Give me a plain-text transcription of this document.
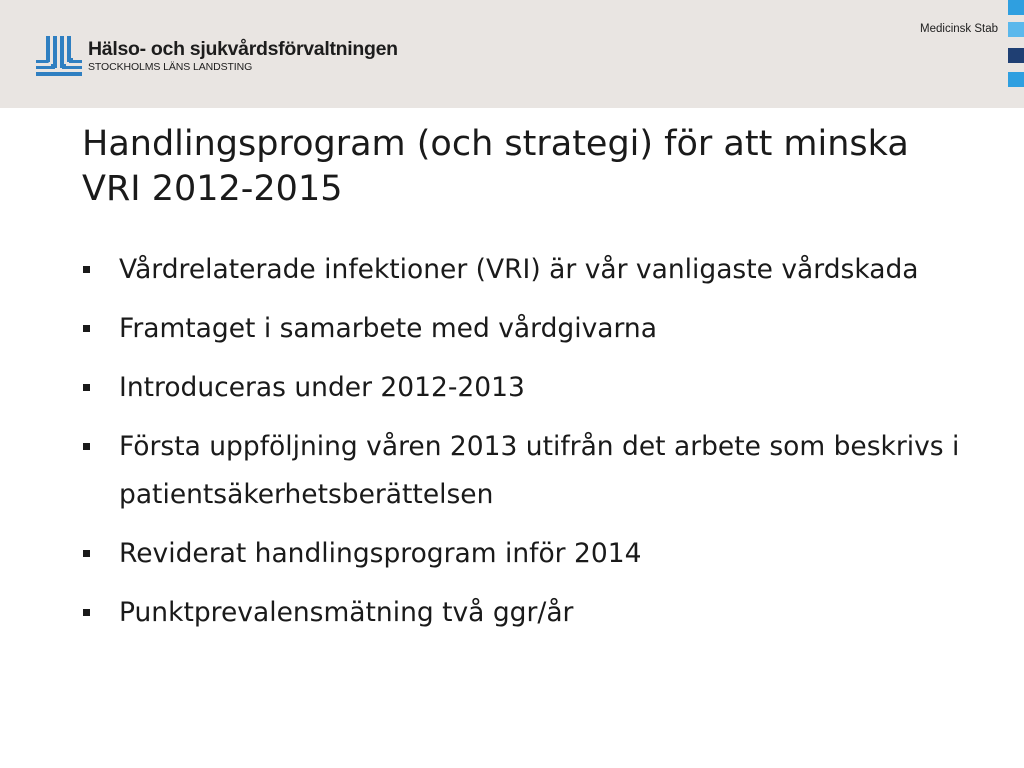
Hälso- och sjukvårdsförvaltningen
STOCKHOLMS LÄNS LANDSTING
Medicinsk Stab
Handlingsprogram (och strategi) för att minska VRI 2012-2015
Vårdrelaterade infektioner (VRI) är vår vanligaste vårdskada
Framtaget i samarbete med vårdgivarna
Introduceras under 2012-2013
Första uppföljning våren 2013 utifrån det arbete som beskrivs i patientsäkerhetsberättelsen
Reviderat handlingsprogram inför 2014
Punktprevalensmätning två ggr/år
